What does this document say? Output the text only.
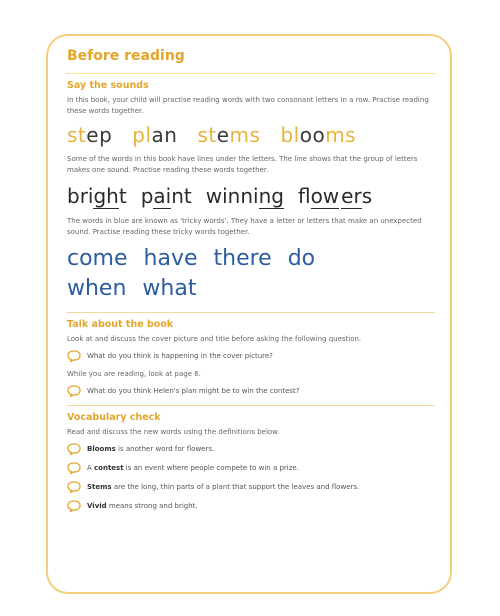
Before reading
Say the sounds

In this book, your child will practise reading words with two consonant letters in a row. Practise reading these words together.

step plan stems blooms

Some of the words in this book have lines under the letters. The line shows that the group of letters makes one sound. Practise reading these words together.

bright paint winning flow ers

The words in blue are known as 'tricky words'. They have a letter or letters that make an unexpected sound. Practise reading these tricky words together.

come have there do
when what
Talk about the book

Look at and discuss the cover picture and title before asking the following question.

What do you think is happening in the cover picture?

While you are reading, look at page 6.

What do you think Helen's plan might be to win the contest?
Vocabulary check

Read and discuss the new words using the definitions below.

Blooms is another word for flowers.
A contest is an event where people compete to win a prize.
Stems are the long, thin parts of a plant that support the leaves and flowers.
Vivid means strong and bright.
